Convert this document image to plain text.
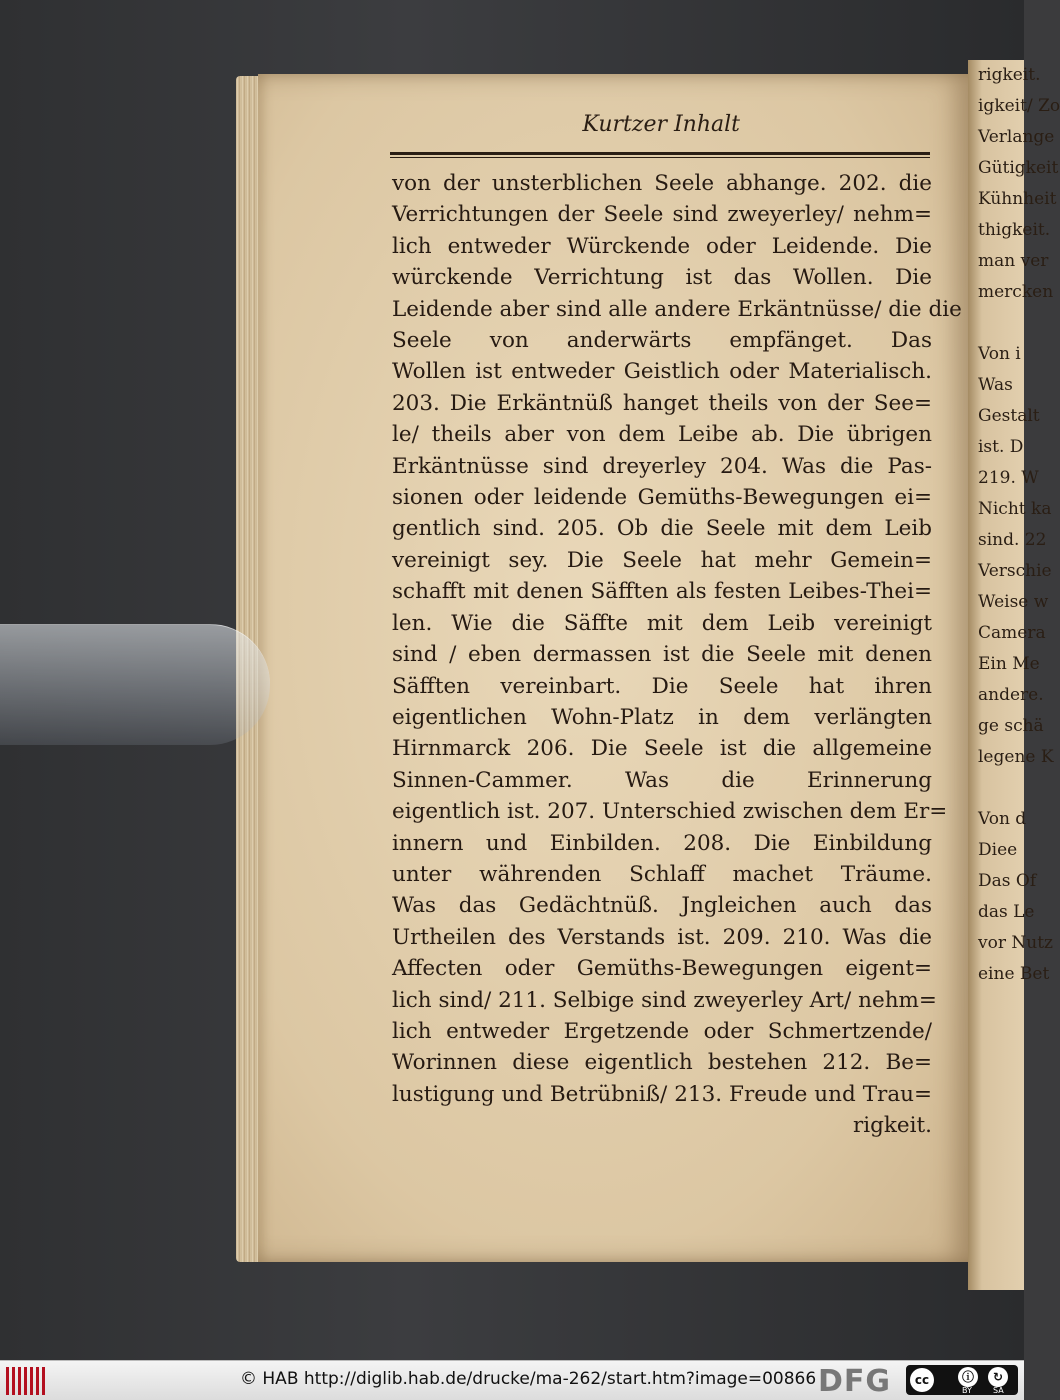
rigkeit.
igkeit/ Zo
Verlange
Gütigkeit
Kühnheit
thigkeit.
man ver
mercken
Von i
Was
Gestalt
ist. D
219. W
Nicht ka
sind. 22
Verschie
Weise w
Camera
Ein Me
andere.
ge schä
legene K
Von d
Diee
Das Of
das Le
vor Nutz
eine Bet
Kurtzer Inhalt
von der unsterblichen Seele abhange. 202. die
Verrichtungen der Seele sind zweyerley/ nehm=
lich entweder Würckende oder Leidende. Die
würckende Verrichtung ist das Wollen. Die
Leidende aber sind alle andere Erkäntnüsse/ die die
Seele von anderwärts empfänget. Das
Wollen ist entweder Geistlich oder Materialisch.
203. Die Erkäntnüß hanget theils von der See=
le/ theils aber von dem Leibe ab. Die übrigen
Erkäntnüsse sind dreyerley 204. Was die Pas-
sionen oder leidende Gemüths-Bewegungen ei=
gentlich sind. 205. Ob die Seele mit dem Leib
vereinigt sey. Die Seele hat mehr Gemein=
schafft mit denen Säfften als festen Leibes-Thei=
len. Wie die Säffte mit dem Leib vereinigt
sind / eben dermassen ist die Seele mit denen
Säfften vereinbart. Die Seele hat ihren
eigentlichen Wohn-Platz in dem verlängten
Hirnmarck 206. Die Seele ist die allgemeine
Sinnen-Cammer. Was die Erinnerung
eigentlich ist. 207. Unterschied zwischen dem Er=
innern und Einbilden. 208. Die Einbildung
unter währenden Schlaff machet Träume.
Was das Gedächtnüß. Jngleichen auch das
Urtheilen des Verstands ist. 209. 210. Was die
Affecten oder Gemüths-Bewegungen eigent=
lich sind/ 211. Selbige sind zweyerley Art/ nehm=
lich entweder Ergetzende oder Schmertzende/
Worinnen diese eigentlich bestehen 212. Be=
lustigung und Betrübniß/ 213. Freude und Trau=
rigkeit.
© HAB http://diglib.hab.de/drucke/ma-262/start.htm?image=00866 DFG	cc	ⓘ	↻
BY	SA
